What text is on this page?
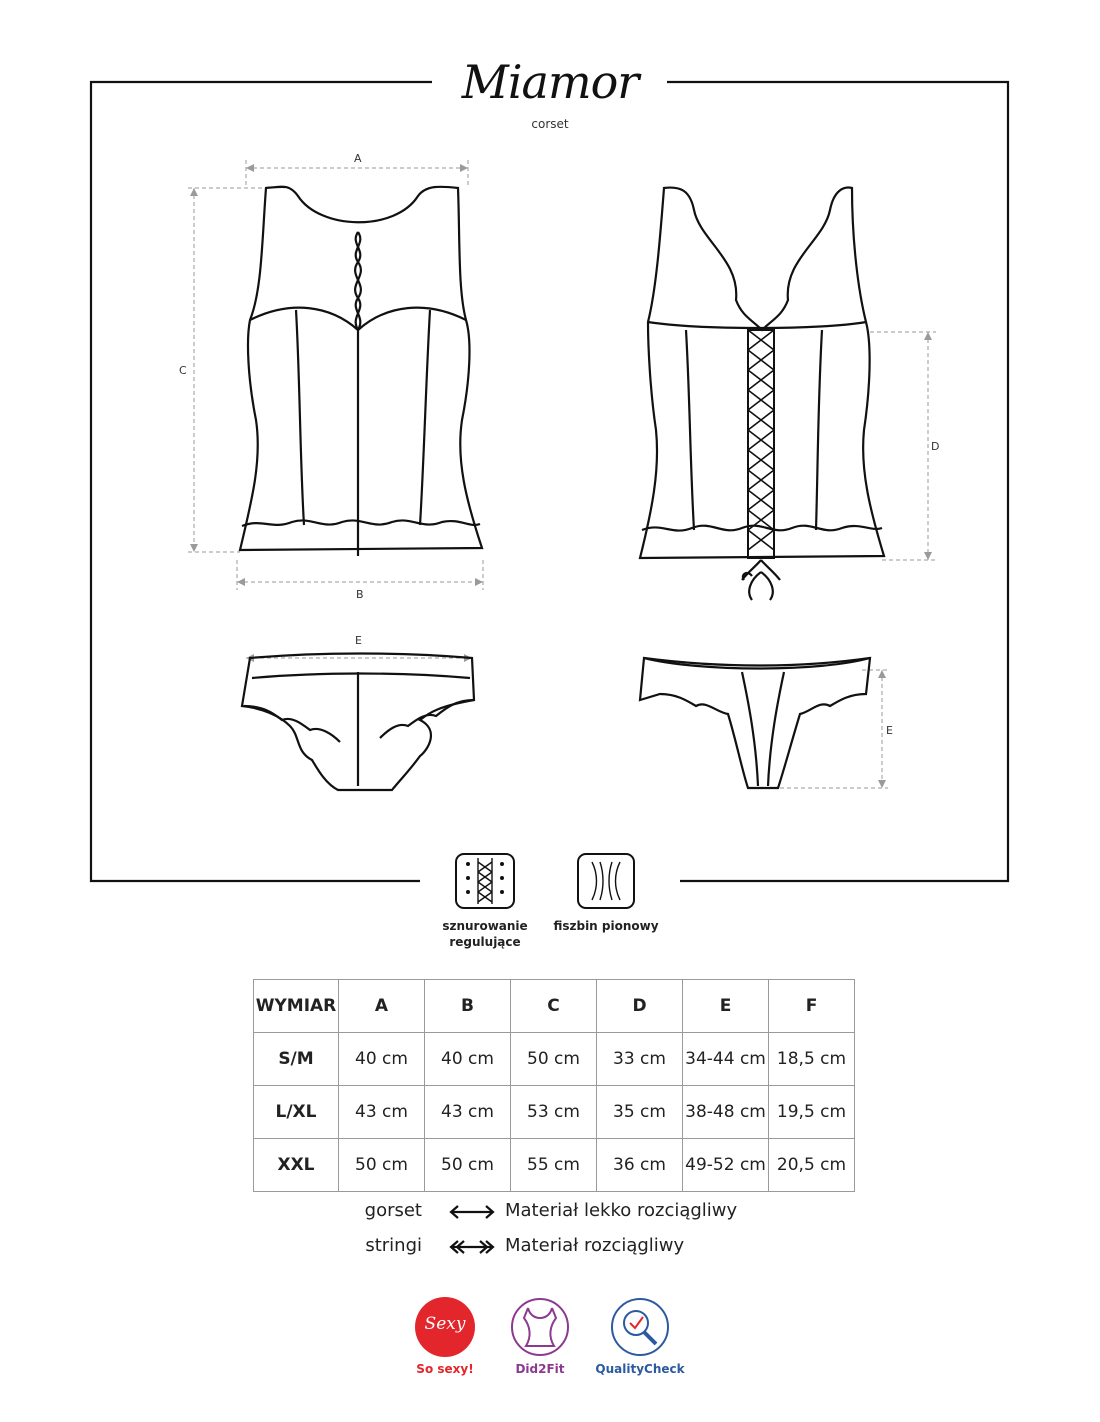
Miamor
corset
A
C
B
D
E
E
sznurowanie
regulujące
fiszbin pionowy
WYMIAR	A	B	C	D	E	F
S/M	40 cm	40 cm	50 cm	33 cm	34-44 cm	18,5 cm
L/XL	43 cm	43 cm	53 cm	35 cm	38-48 cm	19,5 cm
XXL	50 cm	50 cm	55 cm	36 cm	49-52 cm	20,5 cm
gorset	Materiał lekko rozciągliwy
stringi	Materiał rozciągliwy
Sexy
So sexy!	Did2Fit	QualityCheck
